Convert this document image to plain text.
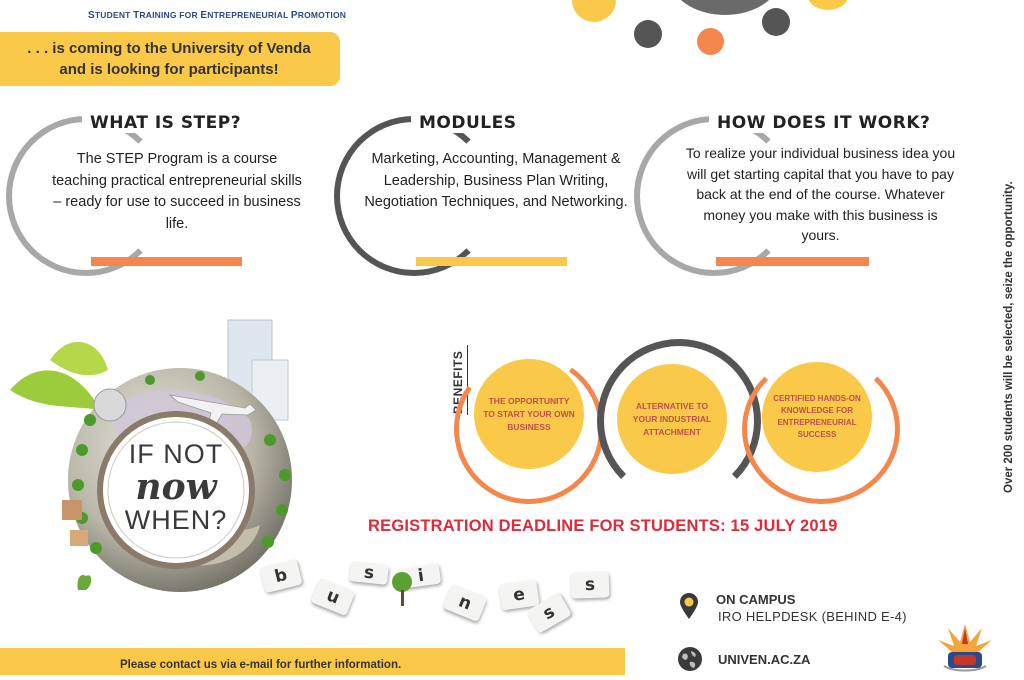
STUDENT TRAINING FOR ENTREPRENEURIAL PROMOTION
. . . is coming to the University of Venda
and is looking for participants!
WHAT IS STEP?
The STEP Program is a course teaching practical entrepreneurial skills – ready for use to succeed in business life.
MODULES
Marketing, Accounting, Management & Leadership, Business Plan Writing, Negotiation Techniques, and Networking.
HOW DOES IT WORK?
To realize your individual business idea you will get starting capital that you have to pay back at the end of the course. Whatever money you make with this business is yours.
IF NOT
now
WHEN?
b
u
s	i
n	e
s
s
BENEFITS	THE OPPORTUNITY TO START YOUR OWN BUSINESS
ALTERNATIVE TO YOUR INDUSTRIAL ATTACHMENT
CERTIFIED HANDS-ON KNOWLEDGE FOR ENTREPRENEURIAL SUCCESS
REGISTRATION DEADLINE FOR STUDENTS: 15 JULY 2019
Over 200 students will be selected, seize the opportunity.
Please contact us via e-mail for further information.
ON CAMPUS
IRO HELPDESK (BEHIND E-4)
UNIVEN.AC.ZA
